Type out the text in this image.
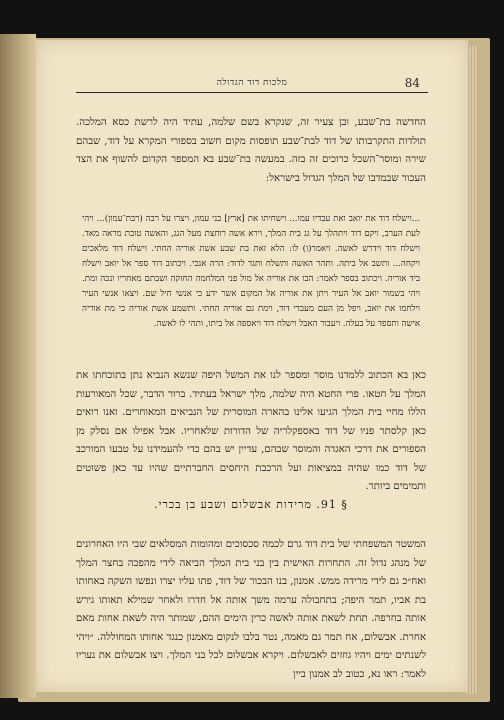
84
מלכות דוד הגדולה
החדשה בת־שבע, ובן צעיר זה, שנקרא בשם שלמה, עתיד היה לרשת כסא המלכה. תולדות התקרבותו של דוד לבת־שבע תופסות מקום חשוב בספורי המקרא על דוד, שבהם שירה ומוסר־השכל כרוכים זה בזה. במעשה בת־שבע בא המספר הקדום להשוף את הצד העכור שבמדבו של המלך הגדול בישראל:
...וישלח דוד את יואב ואת עבדיו עמו... וישחיתו את [ארץ] בני עמון, ויצרו על רבה (רבת־עמון)... ויהי לעת הערב, ויקם דוד ויתהלך על גג בית המלך, וירא אשה רוחצת מעל הגג, והאשה טובת מראה מאד. וישלח דוד וידרש לאשה. ויאמר(ו) לו: הלא זאת בת שבע אשת אוריה החתי. וישלח דוד מלאכים ויקחה... ותשב אל ביתה. ותהר האשה ותשלח ותגד לדוד: הרה אנכי. ויכתוב דוד ספר אל יואב וישלח ביד אוריה. ויכתוב בספר לאמר: הבו את אוריה אל מול פני המלחמה החזקה ושבתם מאחריו ונכה ומת. ויהי בשמור יואב אל העיר ויתן את אוריה אל המקום אשר ידע כי אנשי חיל שם. ויצאו אנשי העיר וילחמו את יואב, ויפל מן העם מעבדי דוד, וימת גם אוריה החתי. ותשמע אשת אוריה כי מת אוריה אישה ותספד על בעלה. ויעבור האבל וישלח דוד ויאספה אל ביתו, ותהי לו לאשה.
כאן בא הכתוב ללמדנו מוסר ומספר לנו את המשל היפה שנשא הנביא נתן בתוכחתו את המלך על חטאו. פרי החטא היה שלמה, מלך ישראל בעתיד. ברור הדבר, שכל המאורעות הללו מחיי בית המלך הגיעו אלינו בהארה המוסרית של הנביאים המאוחרים. ואנו רואים כאן קלסתר פניו של דוד באספקלריה של הדורות שלאחריו. אבל אפילו אם נסלק מן הספורים את דרכי האגדה והמוסר שבהם, עדיין יש בהם כדי להעמידנו על טבעו המורכב של דוד כמו שהיה במציאות ועל הרכבת היחסים החברתיים שהיו עד כאן פשוטים ותמימים ביותר.
§ 91. מרידות אבשלום ושבע בן בכרי.
המשטר המשפחתי של בית דוד גרם לכמה סכסוכים ומהומות המסלאים שבי היו האחרונים של מנהג נדול זה. התחרות האישית בין בני בית המלך הביאה לידי מהפכה בחצר המלך ואח״כ גם לידי מרידה ממש. אמנון, בנו הבכור של דוד, פתו עליו יצרו ונפשו השקה באחותו בת אביו, תמר היפה; בתחבולה ערמה משך אותה אל חדרו ולאחר שמילא תאותו גירש אותה בחרפה. תחת לשאת אותה לאשה כרין הימים ההם, שמותר היה לשאת אחות מאם אחרת. אבשלום, אח תמר גם מאמה, נטר בלבו לנקום מאמנון כנגד אחותו המחוללה. ״ויהי לשנתים ימים ויהיו גוזזים לאבשלום. ויקרא אבשלום לכל בני המלך. ויצו אבשלום את נעריו לאמר: ראו נא, כטוב לב אמנון ביין
